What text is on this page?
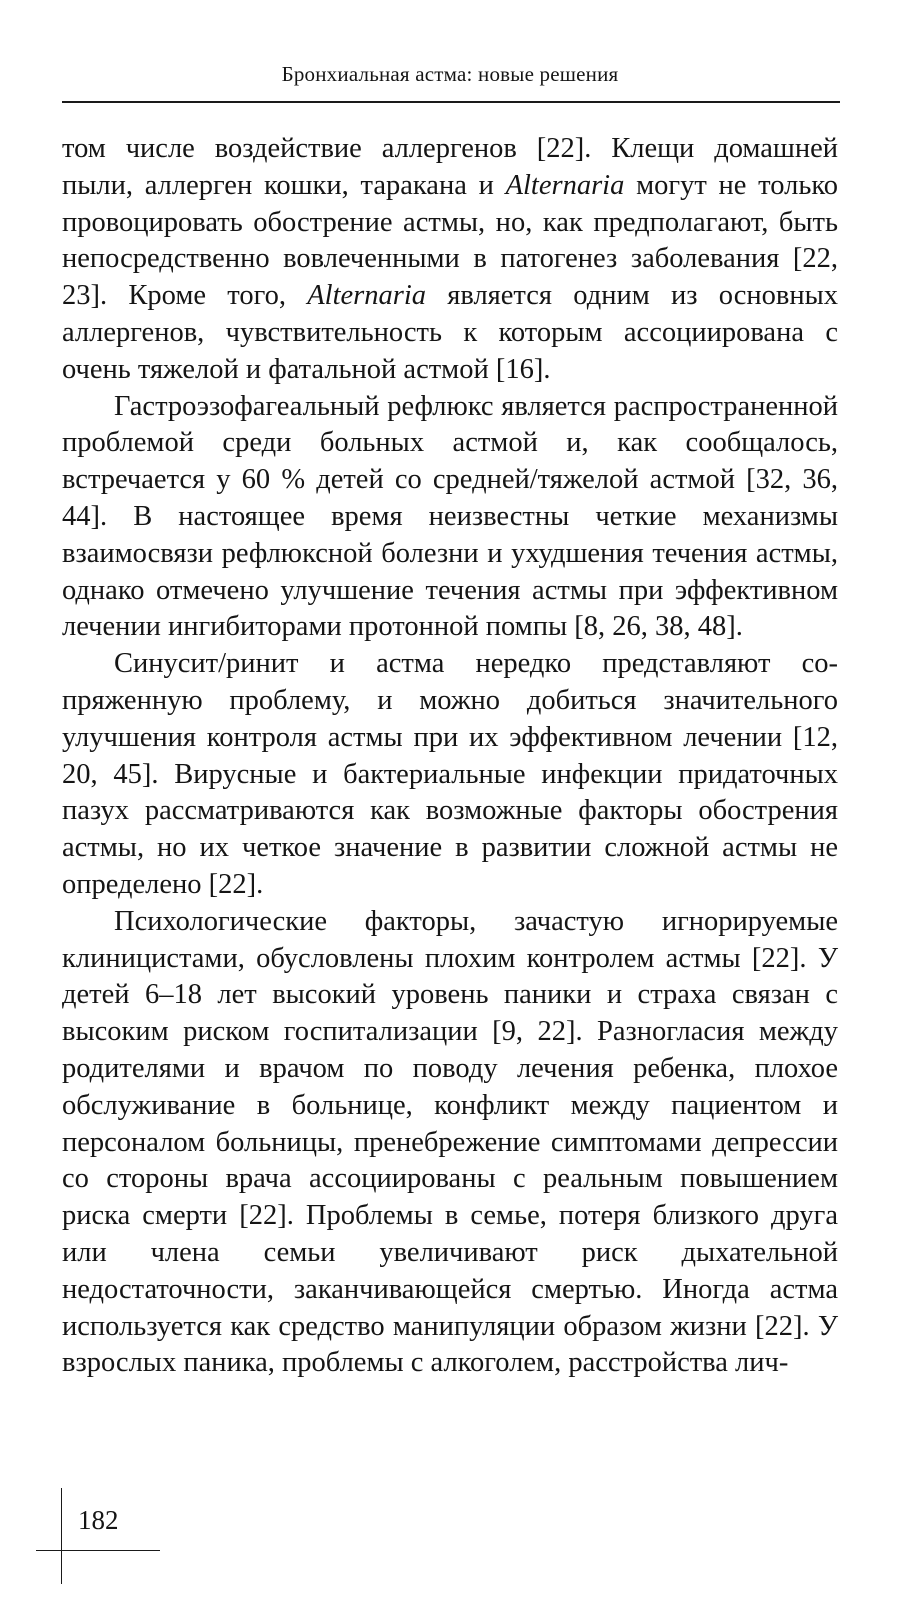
Бронхиальная астма: новые решения

том числе воздействие аллергенов [22]. Клещи домашней пыли, аллерген кошки, таракана и Alternaria могут не только провоцировать обострение астмы, но, как предполагают, быть непосредственно вовлеченными в патогенез заболевания [22, 23]. Кроме того, Alternaria является одним из основных аллергенов, чувствительность к которым ассоциирована с очень тяжелой и фатальной астмой [16].

Гастроэзофагеальный рефлюкс является распространенной проблемой среди больных астмой и, как сообщалось, встречается у 60 % детей со средней/тяжелой астмой [32, 36, 44]. В настоящее время неизвестны четкие механизмы взаимосвязи рефлюксной болезни и ухудшения течения астмы, однако отмечено улучшение течения астмы при эффективном лечении ингибиторами протонной помпы [8, 26, 38, 48].

Синусит/ринит и астма нередко представляют сопряженную проблему, и можно добиться значительного улучшения контроля астмы при их эффективном лечении [12, 20, 45]. Вирусные и бактериальные инфекции придаточных пазух рассматриваются как возможные факторы обострения астмы, но их четкое значение в развитии сложной астмы не определено [22].

Психологические факторы, зачастую игнорируемые клиницистами, обусловлены плохим контролем астмы [22]. У детей 6–18 лет высокий уровень паники и страха связан с высоким риском госпитализации [9, 22]. Разногласия между родителями и врачом по поводу лечения ребенка, плохое обслуживание в больнице, конфликт между пациентом и персоналом больницы, пренебрежение симптомами депрессии со стороны врача ассоциированы с реальным повышением риска смерти [22]. Проблемы в семье, потеря близкого друга или члена семьи увеличивают риск дыхательной недостаточности, заканчивающейся смертью. Иногда астма используется как средство манипуляции образом жизни [22]. У взрослых паника, проблемы с алкоголем, расстройства лич-

182
